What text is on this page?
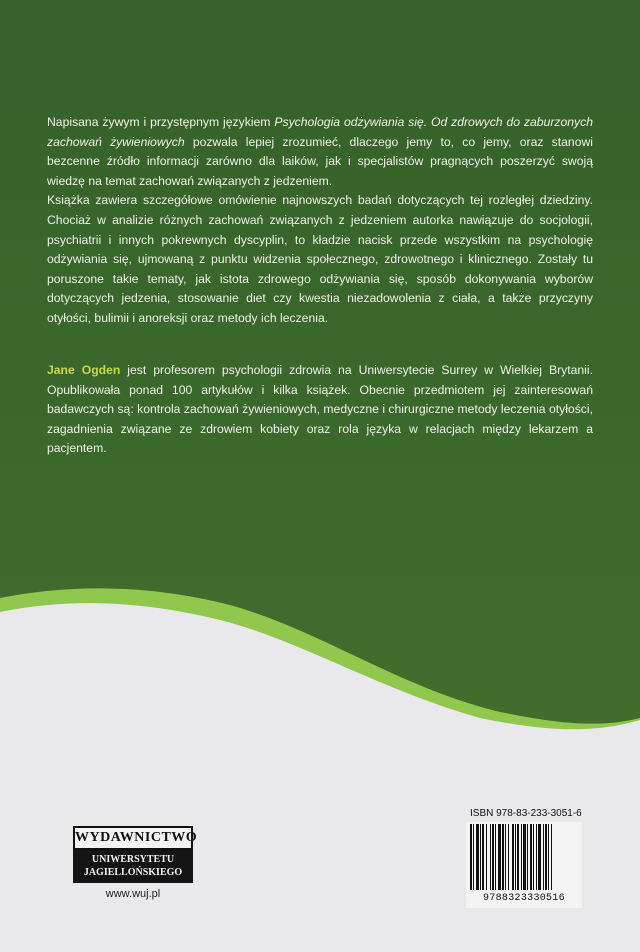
Napisana żywym i przystępnym językiem Psychologia odżywiania się. Od zdrowych do zaburzonych zachowań żywieniowych pozwala lepiej zrozumieć, dlaczego jemy to, co jemy, oraz stanowi bezcenne źródło informacji zarówno dla laików, jak i specjalistów pragnących poszerzyć swoją wiedzę na temat zachowań związanych z jedzeniem.

Książka zawiera szczegółowe omówienie najnowszych badań dotyczących tej rozległej dziedziny. Chociaż w analizie różnych zachowań związanych z jedzeniem autorka nawiązuje do socjologii, psychiatrii i innych pokrewnych dyscyplin, to kładzie nacisk przede wszystkim na psychologię odżywiania się, ujmowaną z punktu widzenia społecznego, zdrowotnego i klinicznego. Zostały tu poruszone takie tematy, jak istota zdrowego odżywiania się, sposób dokonywania wyborów dotyczących jedzenia, stosowanie diet czy kwestia niezadowolenia z ciała, a także przyczyny otyłości, bulimii i anoreksji oraz metody ich leczenia.

Jane Ogden jest profesorem psychologii zdrowia na Uniwersytecie Surrey w Wielkiej Brytanii. Opublikowała ponad 100 artykułów i kilka książek. Obecnie przedmiotem jej zainteresowań badawczych są: kontrola zachowań żywieniowych, medyczne i chirurgiczne metody leczenia otyłości, zagadnienia związane ze zdrowiem kobiety oraz rola języka w relacjach między lekarzem a pacjentem.
WYDAWNICTWO
UNIWERSYTETU
JAGIELLOŃSKIEGO
www.wuj.pl
ISBN 978-83-233-3051-6
9788323330516
